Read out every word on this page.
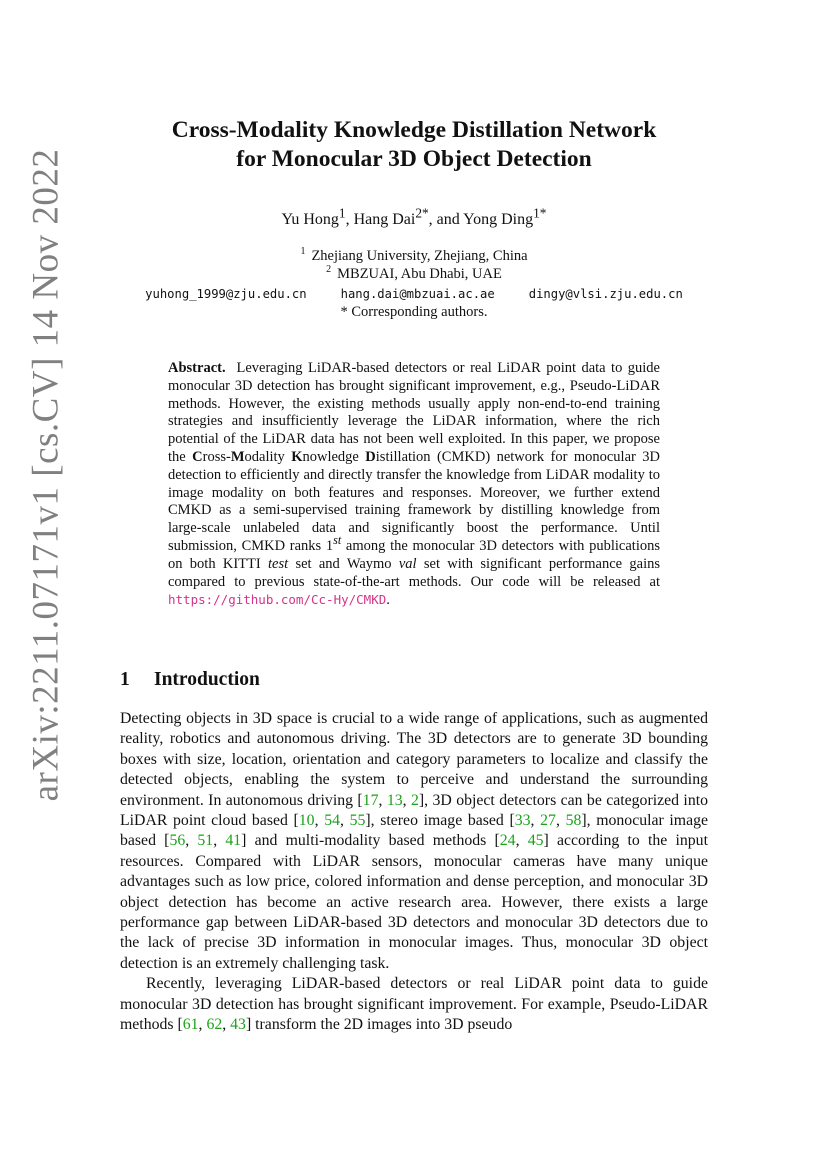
arXiv:2211.07171v1 [cs.CV] 14 Nov 2022
Cross-Modality Knowledge Distillation Network
for Monocular 3D Object Detection
Yu Hong$^1$, Hang Dai$^{2*}$, and Yong Ding$^{1*}$
$^1$ Zhejiang University, Zhejiang, China
$^2$ MBZUAI, Abu Dhabi, UAE
yuhong_1999@zju.edu.cn	hang.dai@mbzuai.ac.ae	dingy@vlsi.zju.edu.cn
* Corresponding authors.
Abstract.  Leveraging LiDAR-based detectors or real LiDAR point data to guide monocular 3D detection has brought significant improvement, e.g., Pseudo-LiDAR methods. However, the existing methods usually apply non-end-to-end training strategies and insufficiently leverage the LiDAR information, where the rich potential of the LiDAR data has not been well exploited. In this paper, we propose the Cross-Modality Knowledge Distillation (CMKD) network for monocular 3D detection to efficiently and directly transfer the knowledge from LiDAR modality to image modality on both features and responses. Moreover, we further extend CMKD as a semi-supervised training framework by distilling knowledge from large-scale unlabeled data and significantly boost the performance. Until submission, CMKD ranks 1st among the monocular 3D detectors with publications on both KITTI test set and Waymo val set with significant performance gains compared to previous state-of-the-art methods. Our code will be released at https://github.com/Cc-Hy/CMKD.
1 Introduction

Detecting objects in 3D space is crucial to a wide range of applications, such as augmented reality, robotics and autonomous driving. The 3D detectors are to generate 3D bounding boxes with size, location, orientation and category parameters to localize and classify the detected objects, enabling the system to perceive and understand the surrounding environment. In autonomous driving [17, 13, 2], 3D object detectors can be categorized into LiDAR point cloud based [10, 54, 55], stereo image based [33, 27, 58], monocular image based [56, 51, 41] and multi-modality based methods [24, 45] according to the input resources. Compared with LiDAR sensors, monocular cameras have many unique advantages such as low price, colored information and dense perception, and monocular 3D object detection has become an active research area. However, there exists a large performance gap between LiDAR-based 3D detectors and monocular 3D detectors due to the lack of precise 3D information in monocular images. Thus, monocular 3D object detection is an extremely challenging task.

Recently, leveraging LiDAR-based detectors or real LiDAR point data to guide monocular 3D detection has brought significant improvement. For example, Pseudo-LiDAR methods [61, 62, 43] transform the 2D images into 3D pseudo
